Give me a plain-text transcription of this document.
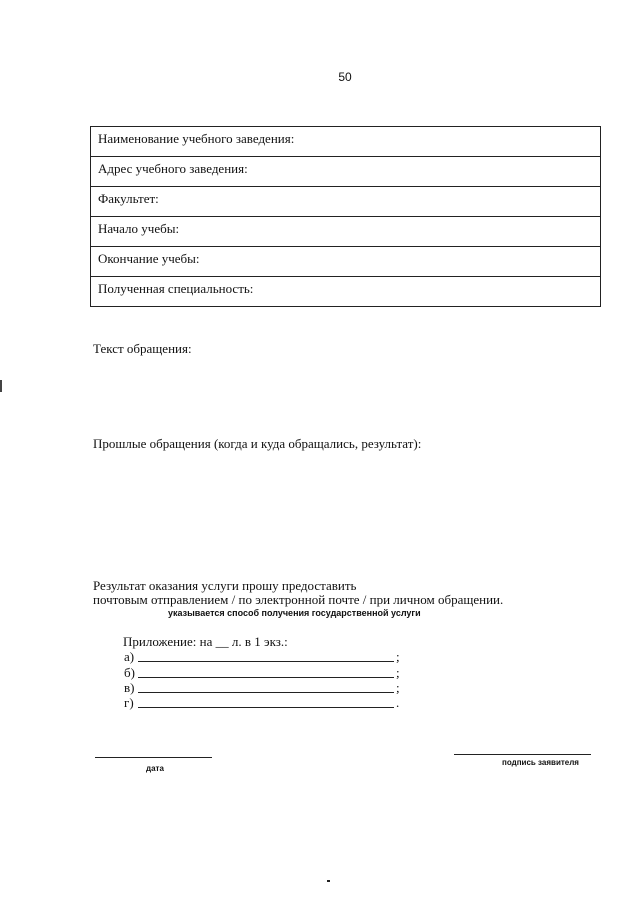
50
Наименование учебного заведения:
Адрес учебного заведения:
Факультет:
Начало учебы:
Окончание учебы:
Полученная специальность:
Текст обращения:
Прошлые обращения (когда и куда обращались, результат):
Результат оказания услуги прошу предоставить
почтовым отправлением / по электронной почте / при личном обращении.
указывается способ получения государственной услуги
Приложение: на __ л. в 1 экз.:
а)	;
б)	;
в)	;
г)	.
дата
подпись заявителя
